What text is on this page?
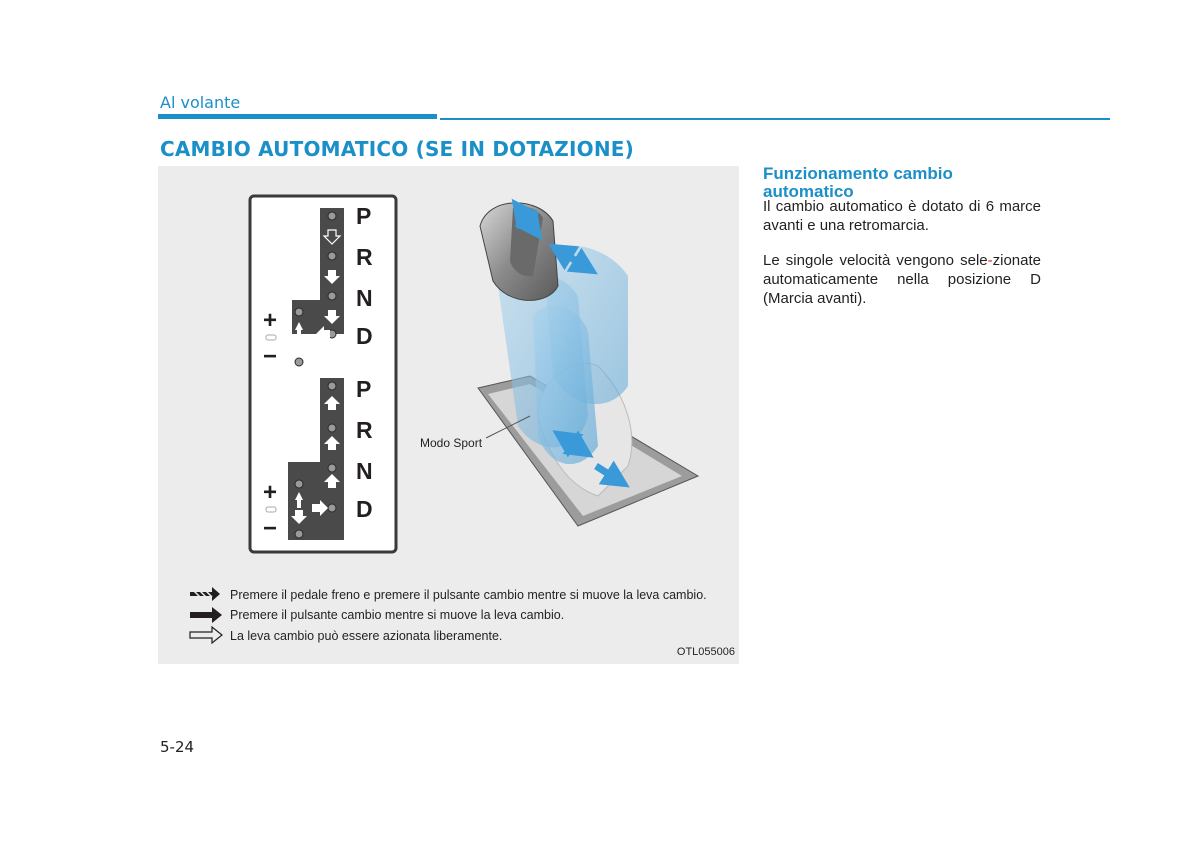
Al volante
CAMBIO AUTOMATICO (SE IN DOTAZIONE)
P
R
N
D
P
R
N
D
+
−
+
−
Modo Sport
Premere il pedale freno e premere il pulsante cambio mentre si muove la leva cambio.
Premere il pulsante cambio mentre si muove la leva cambio.
La leva cambio può essere azionata liberamente.
OTL055006
Funzionamento cambio automatico

Il cambio automatico è dotato di 6 marce avanti e una retromarcia.

Le singole velocità vengono sele-zionate automaticamente nella posizione D (Marcia avanti).

5-24
